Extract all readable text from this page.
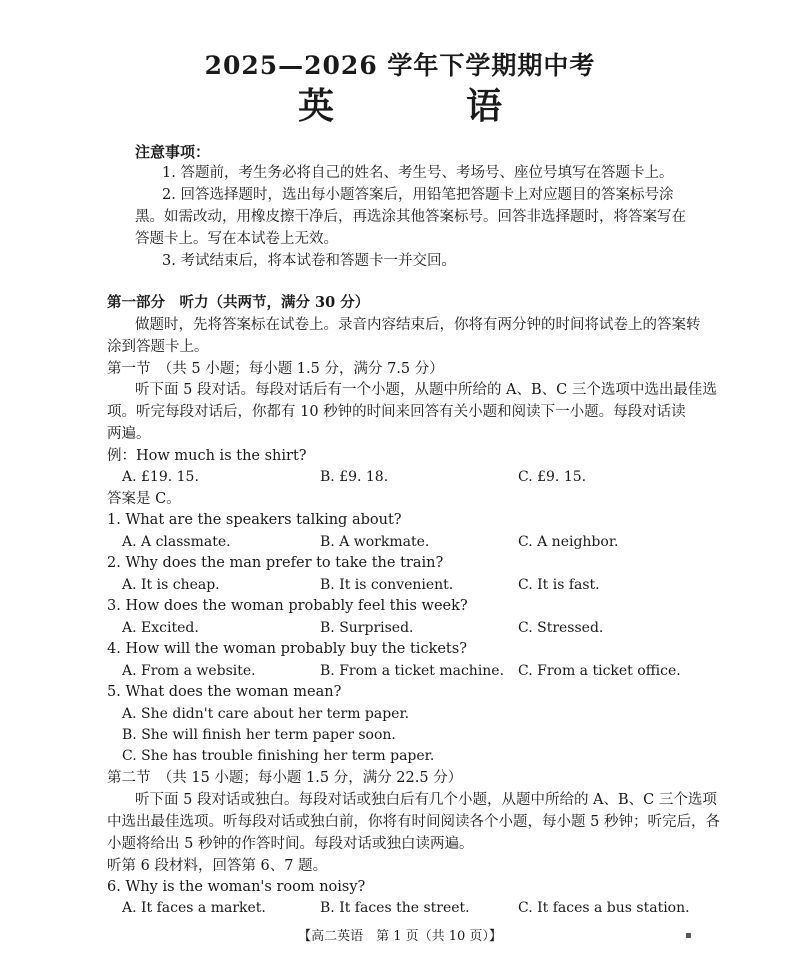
2025—2026 学年下学期期中考
英　语
注意事项：
1. 答题前，考生务必将自己的姓名、考生号、考场号、座位号填写在答题卡上。
2. 回答选择题时，选出每小题答案后，用铅笔把答题卡上对应题目的答案标号涂
黑。如需改动，用橡皮擦干净后，再选涂其他答案标号。回答非选择题时，将答案写在
答题卡上。写在本试卷上无效。
3. 考试结束后，将本试卷和答题卡一并交回。
第一部分　听力（共两节，满分 30 分）
做题时，先将答案标在试卷上。录音内容结束后，你将有两分钟的时间将试卷上的答案转
涂到答题卡上。
第一节　（共 5 小题；每小题 1.5 分，满分 7.5 分）
听下面 5 段对话。每段对话后有一个小题，从题中所给的 A、B、C 三个选项中选出最佳选
项。听完每段对话后，你都有 10 秒钟的时间来回答有关小题和阅读下一小题。每段对话读
两遍。
例：How much is the shirt?
A. £19. 15.	B. £9. 18.	C. £9. 15.
答案是 C。
1. What are the speakers talking about?
A. A classmate.	B. A workmate.	C. A neighbor.
2. Why does the man prefer to take the train?
A. It is cheap.	B. It is convenient.	C. It is fast.
3. How does the woman probably feel this week?
A. Excited.	B. Surprised.	C. Stressed.
4. How will the woman probably buy the tickets?
A. From a website.	B. From a ticket machine. C. From a ticket office.
5. What does the woman mean?
A. She didn't care about her term paper.
B. She will finish her term paper soon.
C. She has trouble finishing her term paper.
第二节　（共 15 小题；每小题 1.5 分，满分 22.5 分）
听下面 5 段对话或独白。每段对话或独白后有几个小题，从题中所给的 A、B、C 三个选项
中选出最佳选项。听每段对话或独白前，你将有时间阅读各个小题，每小题 5 秒钟；听完后，各
小题将给出 5 秒钟的作答时间。每段对话或独白读两遍。
听第 6 段材料，回答第 6、7 题。
6. Why is the woman's room noisy?
A. It faces a market.	B. It faces the street.	C. It faces a bus station.
【高二英语　第 1 页（共 10 页）】	▪
